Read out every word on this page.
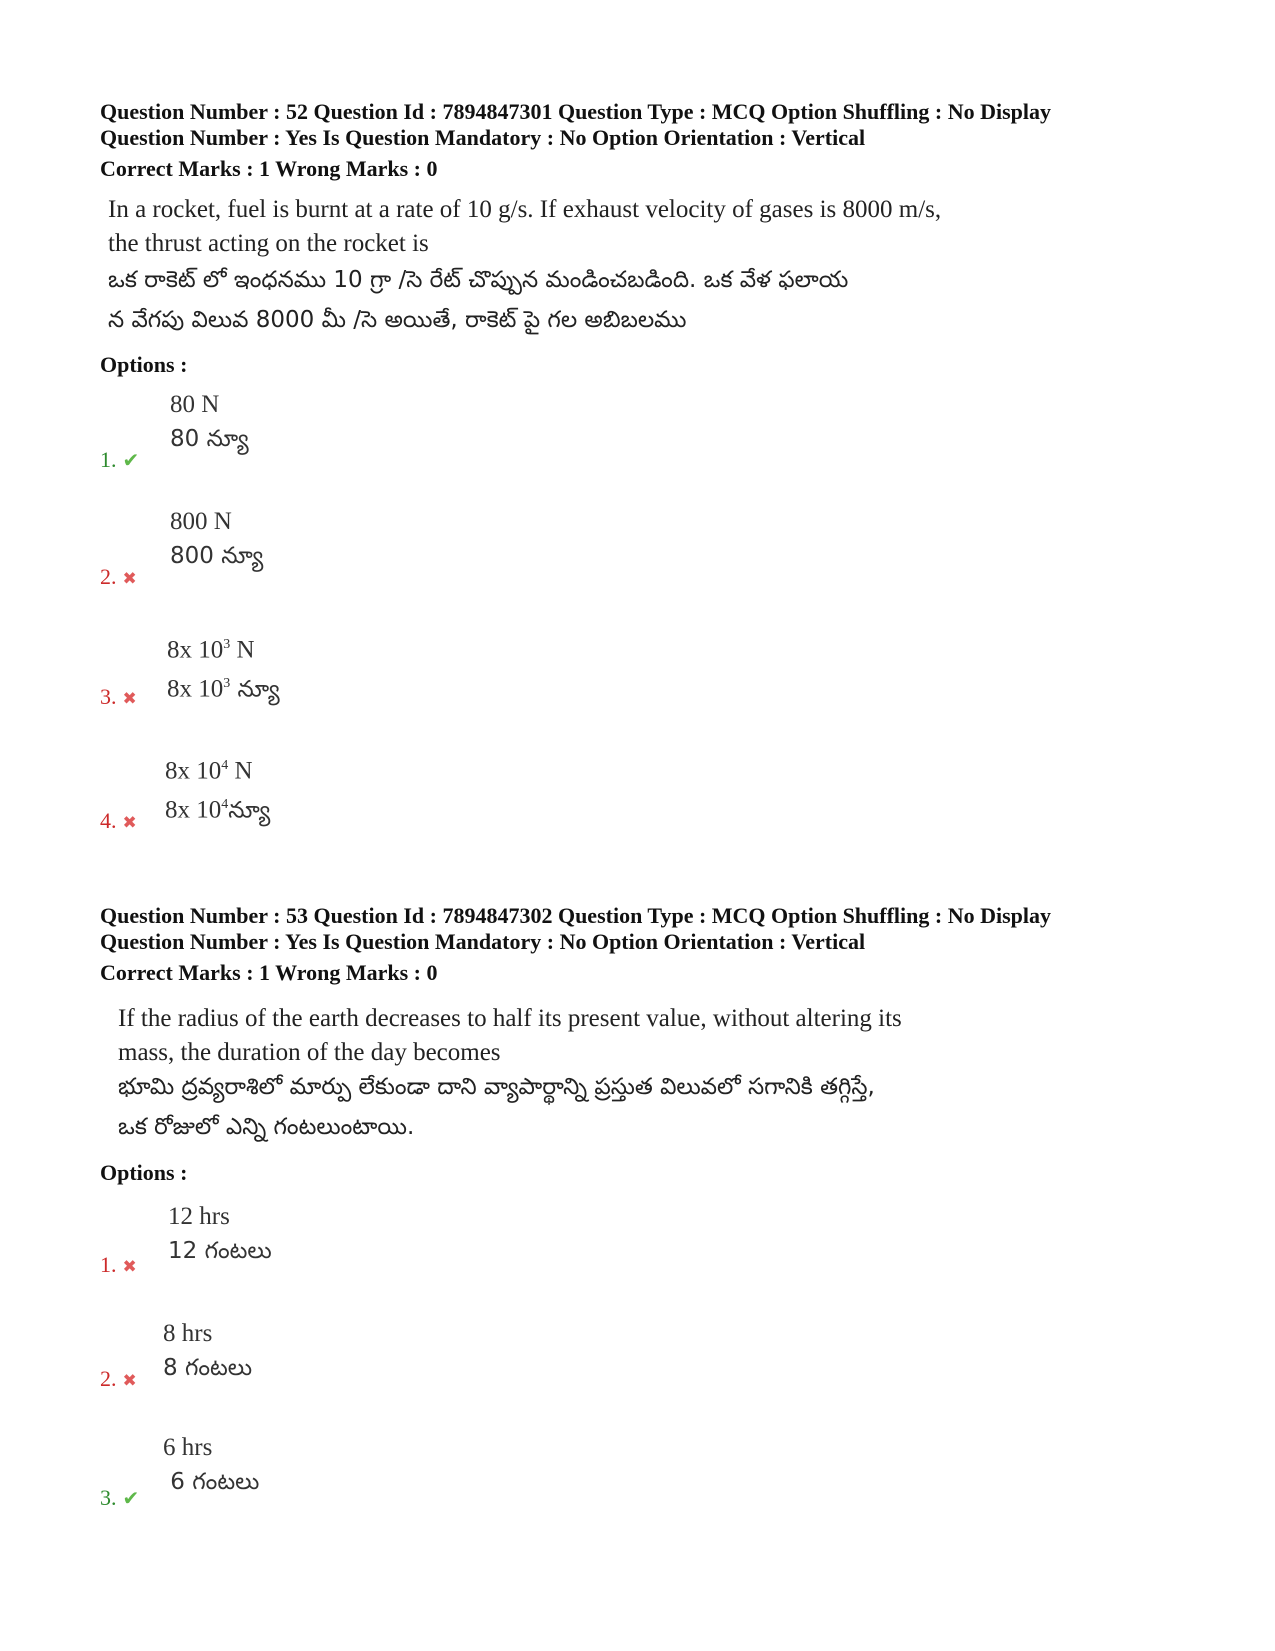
Question Number : 52 Question Id : 7894847301 Question Type : MCQ Option Shuffling : No Display
Question Number : Yes Is Question Mandatory : No Option Orientation : Vertical
Correct Marks : 1 Wrong Marks : 0
In a rocket, fuel is burnt at a rate of 10 g/s. If exhaust velocity of gases is 8000 m/s,
the thrust acting on the rocket is
ఒక రాకెట్ లో ఇంధనము 10 గ్రా /సె రేట్ చొప్పున మండించబడింది. ఒక వేళ ఫలాయ
న వేగపు విలువ 8000 మీ /సె అయితే, రాకెట్ పై గల అబిబలము
Options :
80 N
80 న్యూ
1. ✔
800 N
800 న్యూ
2. ✖
8x $10^3$ N
8x $10^3$ న్యూ
3. ✖
8x $10^4$ N
8x $10^4న్యూ$
4. ✖
Question Number : 53 Question Id : 7894847302 Question Type : MCQ Option Shuffling : No Display
Question Number : Yes Is Question Mandatory : No Option Orientation : Vertical
Correct Marks : 1 Wrong Marks : 0
If the radius of the earth decreases to half its present value, without altering its
mass, the duration of the day becomes
భూమి ద్రవ్యరాశిలో మార్పు లేకుండా దాని వ్యాపార్థాన్ని ప్రస్తుత విలువలో సగానికి తగ్గిస్తే,
ఒక రోజులో ఎన్ని గంటలుంటాయి.
Options :
12 hrs
12 గంటలు
1. ✖
8 hrs
8 గంటలు
2. ✖
6 hrs
6 గంటలు
3. ✔
